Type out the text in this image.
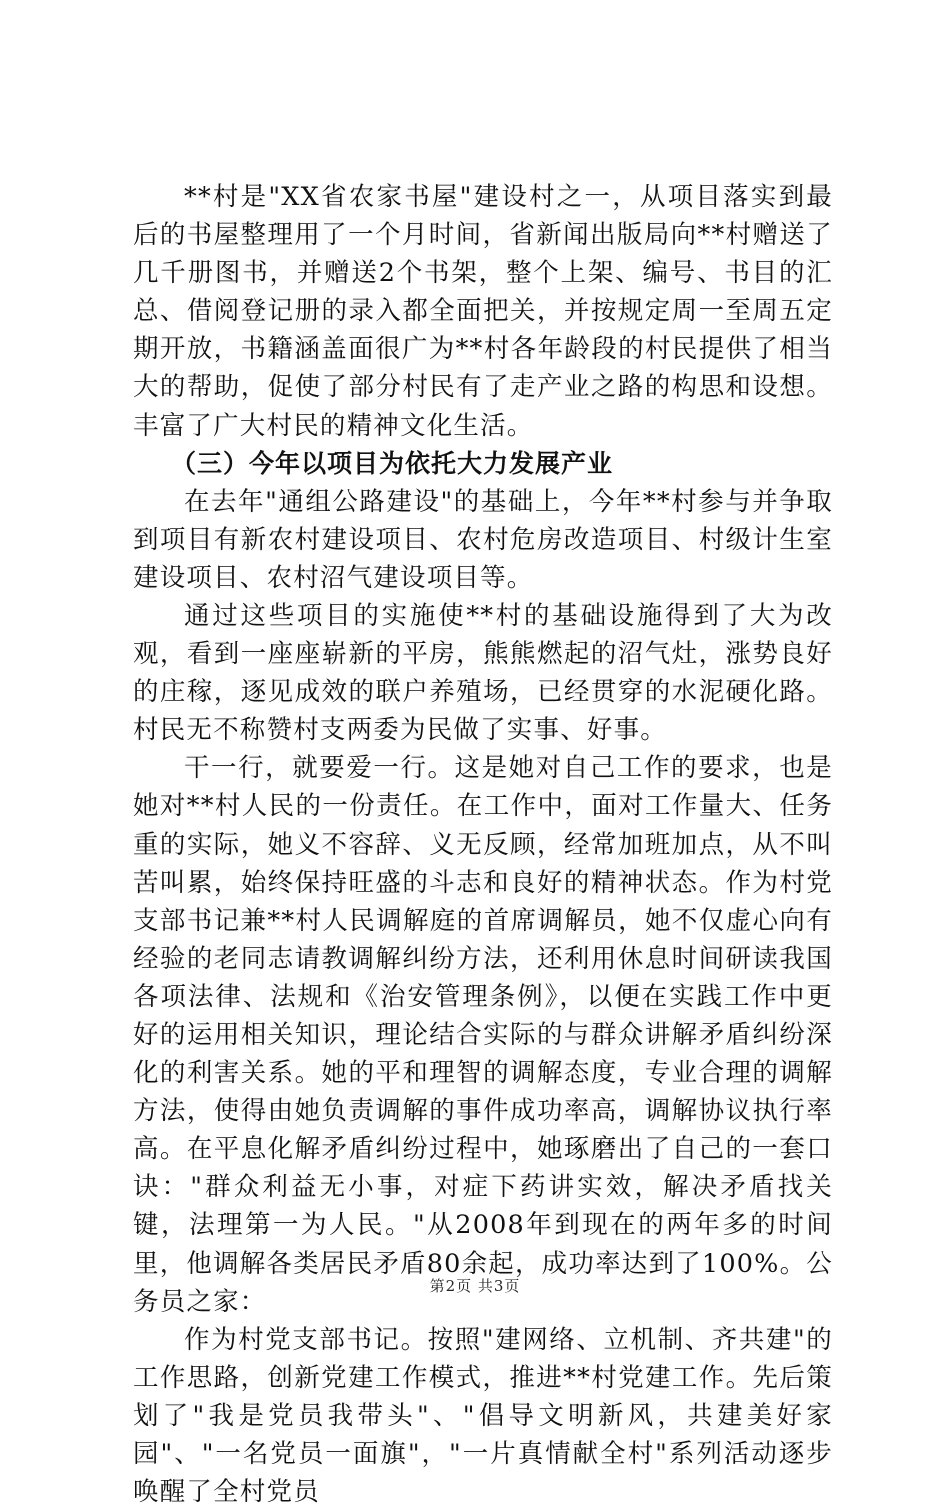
**村是"XX省农家书屋"建设村之一，从项目落实到最后的书屋整理用了一个月时间，省新闻出版局向**村赠送了几千册图书，并赠送2个书架，整个上架、编号、书目的汇总、借阅登记册的录入都全面把关，并按规定周一至周五定期开放，书籍涵盖面很广为**村各年龄段的村民提供了相当大的帮助，促使了部分村民有了走产业之路的构思和设想。丰富了广大村民的精神文化生活。

（三）今年以项目为依托大力发展产业

在去年"通组公路建设"的基础上，今年**村参与并争取到项目有新农村建设项目、农村危房改造项目、村级计生室建设项目、农村沼气建设项目等。

通过这些项目的实施使**村的基础设施得到了大为改观，看到一座座崭新的平房，熊熊燃起的沼气灶，涨势良好的庄稼，逐见成效的联户养殖场，已经贯穿的水泥硬化路。村民无不称赞村支两委为民做了实事、好事。

干一行，就要爱一行。这是她对自己工作的要求，也是她对**村人民的一份责任。在工作中，面对工作量大、任务重的实际，她义不容辞、义无反顾，经常加班加点，从不叫苦叫累，始终保持旺盛的斗志和良好的精神状态。作为村党支部书记兼**村人民调解庭的首席调解员，她不仅虚心向有经验的老同志请教调解纠纷方法，还利用休息时间研读我国各项法律、法规和《治安管理条例》，以便在实践工作中更好的运用相关知识，理论结合实际的与群众讲解矛盾纠纷深化的利害关系。她的平和理智的调解态度，专业合理的调解方法，使得由她负责调解的事件成功率高，调解协议执行率高。在平息化解矛盾纠纷过程中，她琢磨出了自己的一套口诀："群众利益无小事，对症下药讲实效，解决矛盾找关键，法理第一为人民。"从2008年到现在的两年多的时间里，他调解各类居民矛盾80余起，成功率达到了100%。公务员之家：

作为村党支部书记。按照"建网络、立机制、齐共建"的工作思路，创新党建工作模式，推进**村党建工作。先后策划了"我是党员我带头"、"倡导文明新风，共建美好家园"、"一名党员一面旗"，"一片真情献全村"系列活动逐步唤醒了全村党员

第2页 共3页
